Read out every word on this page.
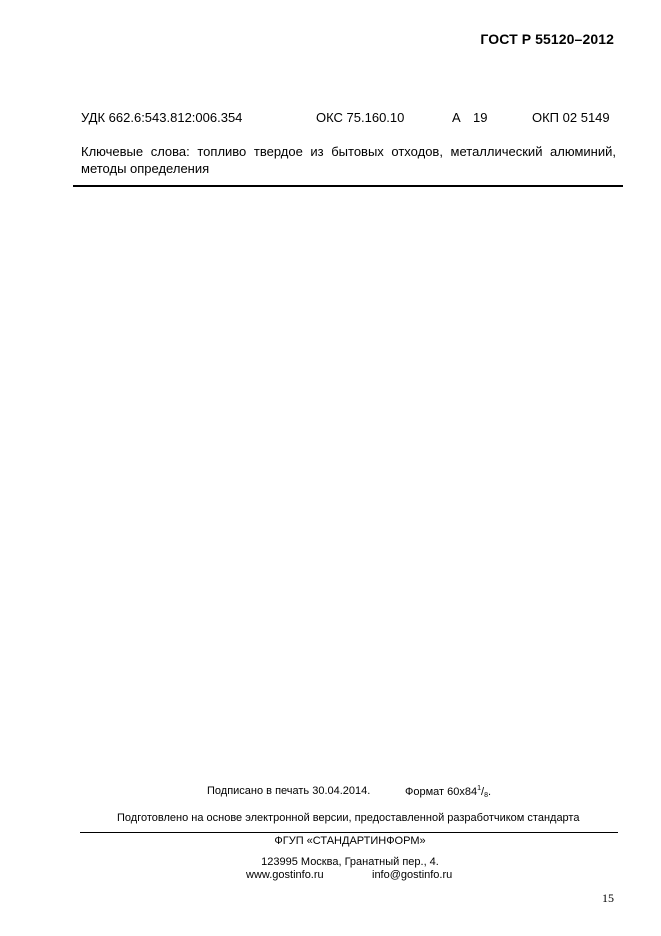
ГОСТ Р 55120–2012
УДК 662.6:543.812:006.354	ОКС 75.160.10	А 19	ОКП 02 5149
Ключевые слова: топливо твердое из бытовых отходов, металлический алюминий, методы определения
Подписано в печать 30.04.2014.	Формат $60х84^1/_8$.
Подготовлено на основе электронной версии, предоставленной разработчиком стандарта
ФГУП «СТАНДАРТИНФОРМ»
123995 Москва, Гранатный пер., 4.
www.gostinfo.ru	info@gostinfo.ru
15
